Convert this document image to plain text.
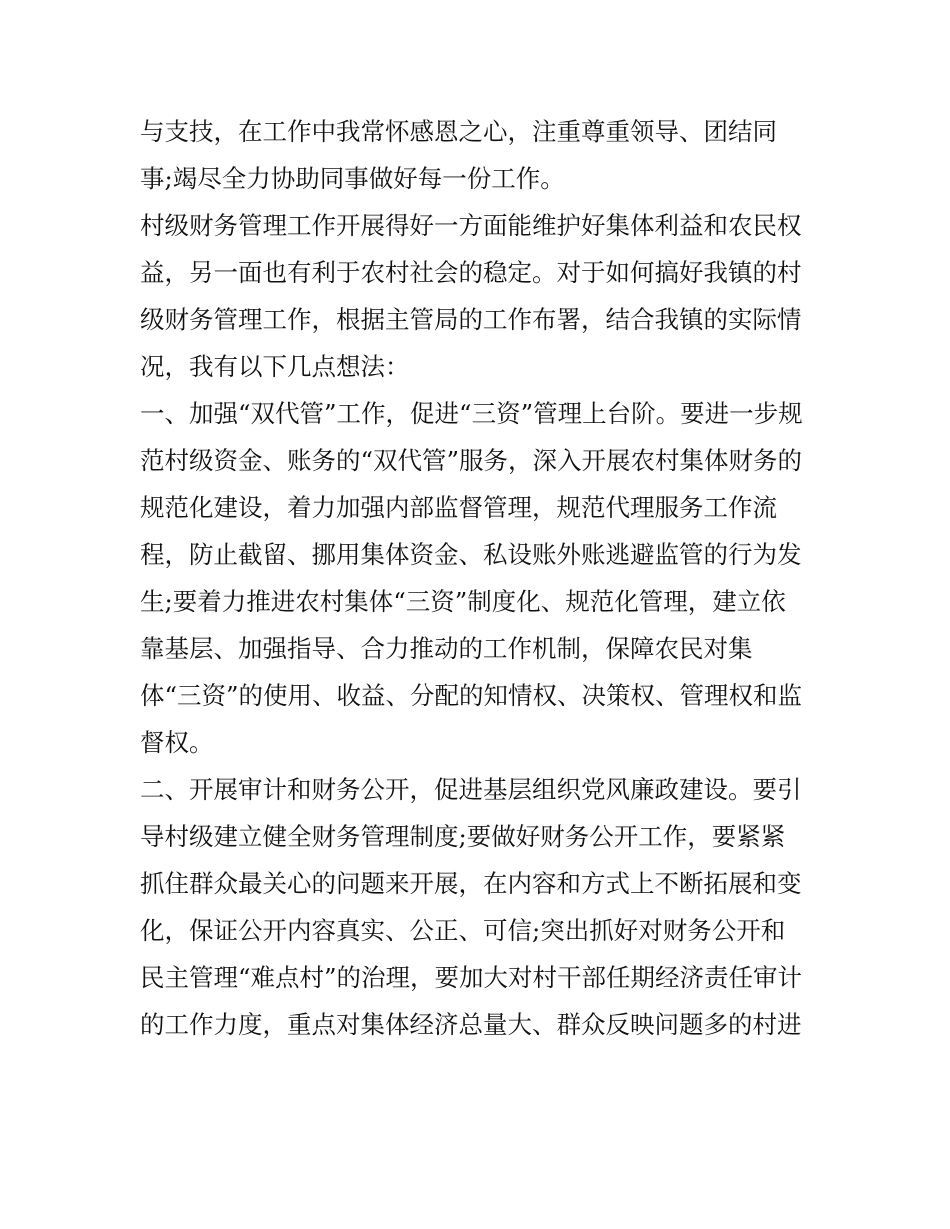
与支技，在工作中我常怀感恩之心，注重尊重领导、团结同
事;竭尽全力协助同事做好每一份工作。
村级财务管理工作开展得好一方面能维护好集体利益和农民权
益，另一面也有利于农村社会的稳定。对于如何搞好我镇的村
级财务管理工作，根据主管局的工作布署，结合我镇的实际情
况，我有以下几点想法：
一、加强“双代管”工作，促进“三资”管理上台阶。要进一步规
范村级资金、账务的“双代管”服务，深入开展农村集体财务的
规范化建设，着力加强内部监督管理，规范代理服务工作流
程，防止截留、挪用集体资金、私设账外账逃避监管的行为发
生;要着力推进农村集体“三资”制度化、规范化管理，建立依
靠基层、加强指导、合力推动的工作机制，保障农民对集
体“三资”的使用、收益、分配的知情权、决策权、管理权和监
督权。
二、开展审计和财务公开，促进基层组织党风廉政建设。要引
导村级建立健全财务管理制度;要做好财务公开工作，要紧紧
抓住群众最关心的问题来开展，在内容和方式上不断拓展和变
化，保证公开内容真实、公正、可信;突出抓好对财务公开和
民主管理“难点村”的治理，要加大对村干部任期经济责任审计
的工作力度，重点对集体经济总量大、群众反映问题多的村进
